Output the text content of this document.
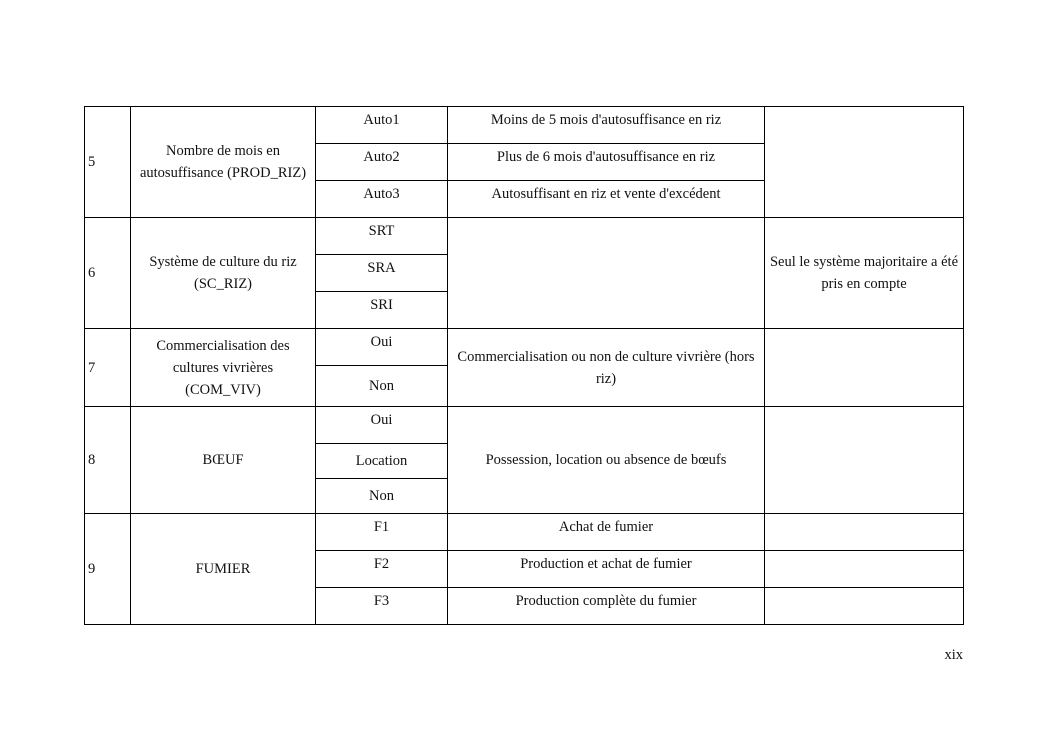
5	Nombre de mois en autosuffisance (PROD_RIZ)	Auto1	Moins de 5 mois d'autosuffisance en riz	
		Auto2	Plus de 6 mois d'autosuffisance en riz	
		Auto3	Autosuffisant en riz et vente d'excédent	
6	Système de culture du riz (SC_RIZ)	SRT		Seul le système majoritaire a été pris en compte
		SRA		
		SRI		
7	Commercialisation des cultures vivrières (COM_VIV)	Oui	Commercialisation ou non de culture vivrière (hors riz)	
		Non		
8	BŒUF	Oui	Possession, location ou absence de bœufs	
		Location		
		Non		
9	FUMIER	F1	Achat de fumier	
		F2	Production et achat de fumier	
		F3	Production complète du fumier	
xix
